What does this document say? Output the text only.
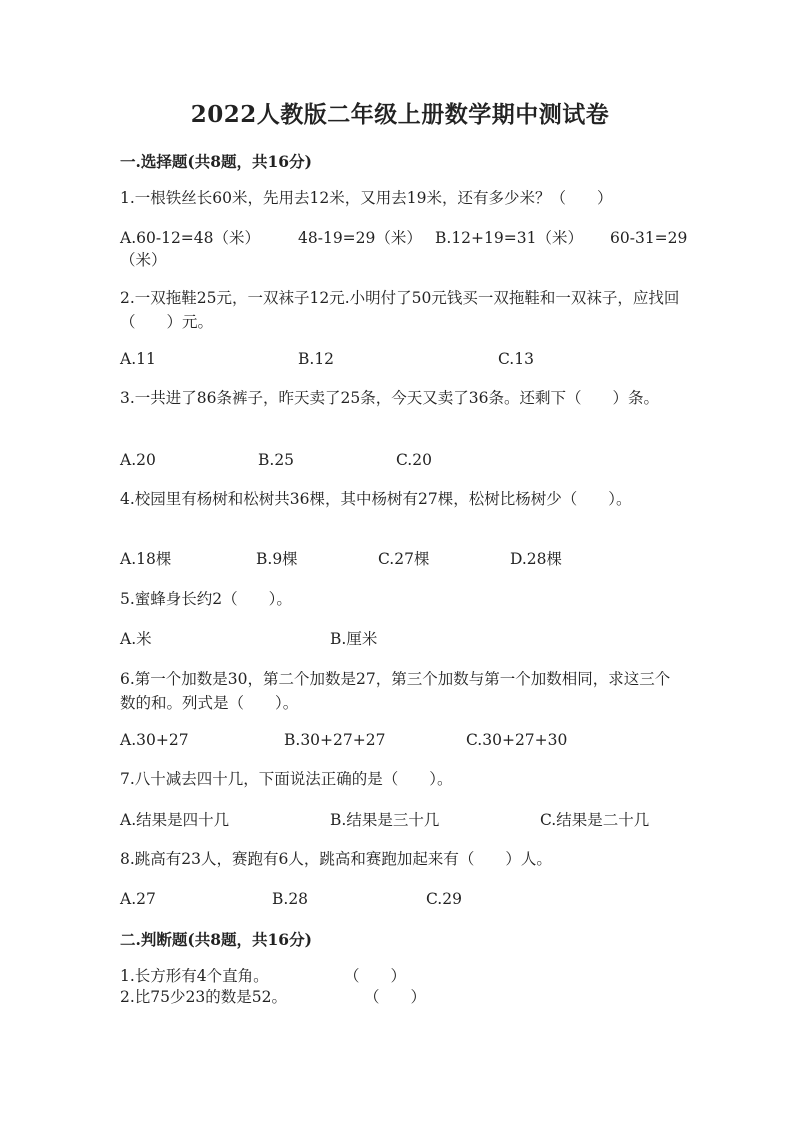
2022人教版二年级上册数学期中测试卷
一.选择题(共8题，共16分)
1.一根铁丝长60米，先用去12米，又用去19米，还有多少米？（　　）
A.60-12=48（米） 48-19=29（米） B.12+19=31（米） 60-31=29
（米）
2.一双拖鞋25元，一双袜子12元.小明付了50元钱买一双拖鞋和一双袜子，应找回（　　）元。
A.11	B.12	C.13
3.一共进了86条裤子，昨天卖了25条，今天又卖了36条。还剩下（　　）条。
A.20	B.25	C.20
4.校园里有杨树和松树共36棵，其中杨树有27棵，松树比杨树少（　　）。
A.18棵	B.9棵	C.27棵	D.28棵
5.蜜蜂身长约2（　　）。
A.米	B.厘米
6.第一个加数是30，第二个加数是27，第三个加数与第一个加数相同，求这三个数的和。列式是（　　）。
A.30+27	B.30+27+27	C.30+27+30
7.八十减去四十几，下面说法正确的是（　　）。
A.结果是四十几	B.结果是三十几	C.结果是二十几
8.跳高有23人，赛跑有6人，跳高和赛跑加起来有（　　）人。
A.27	B.28	C.29
二.判断题(共8题，共16分)
1.长方形有4个直角。	（　　）
2.比75少23的数是52。	（　　）
